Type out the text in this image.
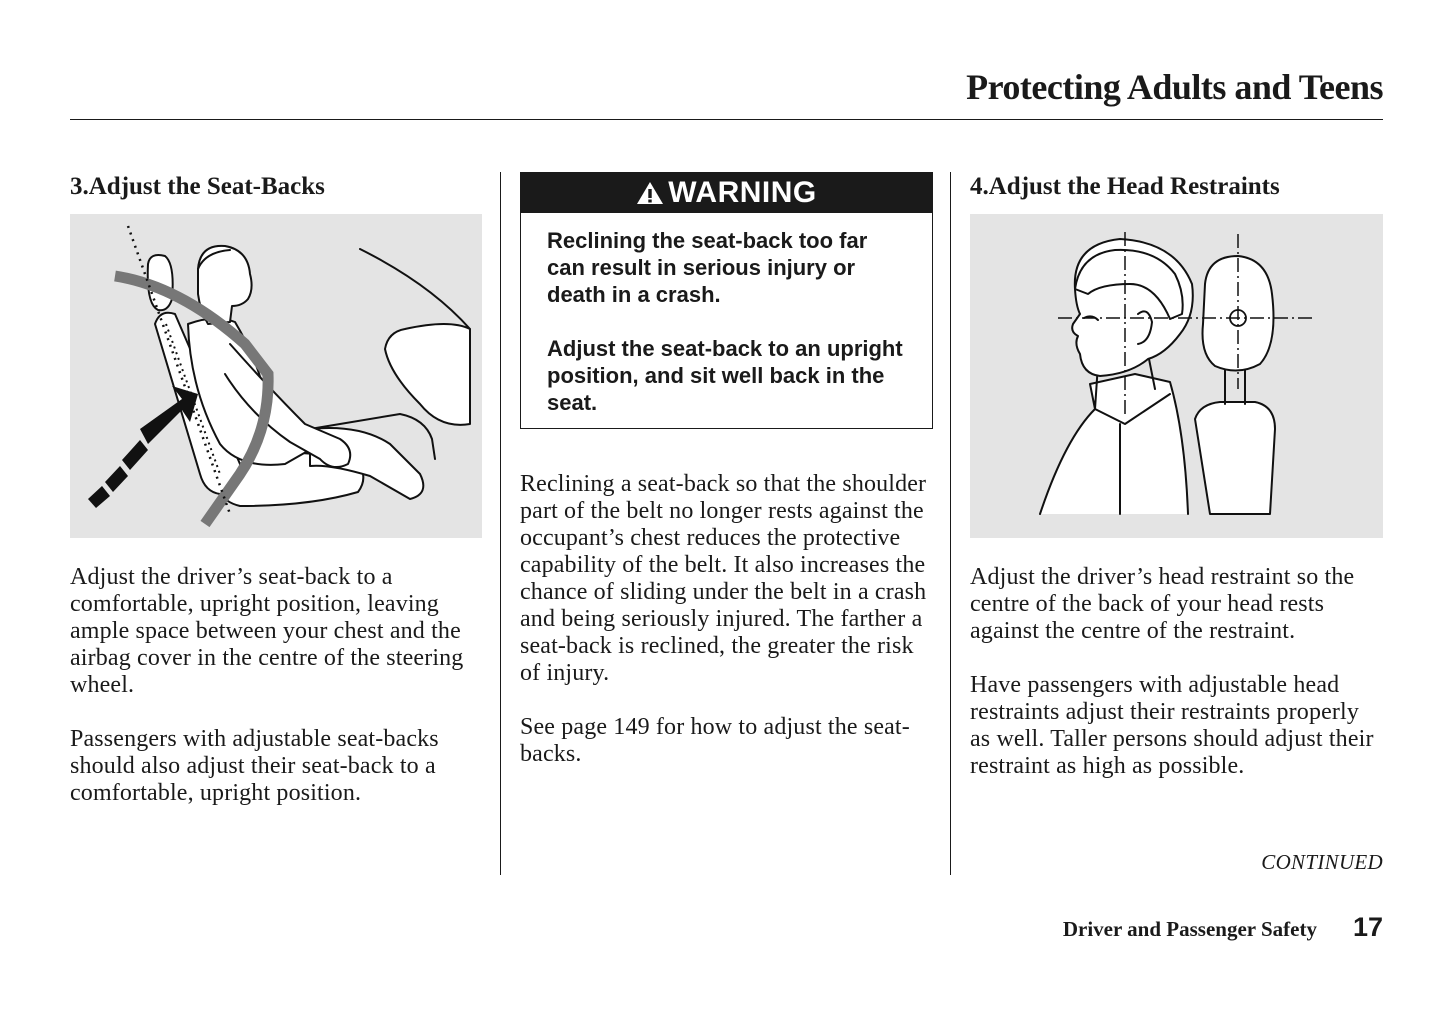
Protecting Adults and Teens
3.Adjust the Seat-Backs

Adjust the driver’s seat-back to a comfortable, upright position, leaving ample space between your chest and the airbag cover in the centre of the steering wheel.

Passengers with adjustable seat-backs should also adjust their seat-back to a comfortable, upright position.

WARNING

Reclining the seat-back too far can result in serious injury or death in a crash.

Adjust the seat-back to an upright position, and sit well back in the seat.

Reclining a seat-back so that the shoulder part of the belt no longer rests against the occupant’s chest reduces the protective capability of the belt. It also increases the chance of sliding under the belt in a crash and being seriously injured. The farther a seat-back is reclined, the greater the risk of injury.

See page 149 for how to adjust the seat-backs.

4.Adjust the Head Restraints

Adjust the driver’s head restraint so the centre of the back of your head rests against the centre of the restraint.

Have passengers with adjustable head restraints adjust their restraints properly as well. Taller persons should adjust their restraint as high as possible.

CONTINUED
Driver and Passenger Safety 17
